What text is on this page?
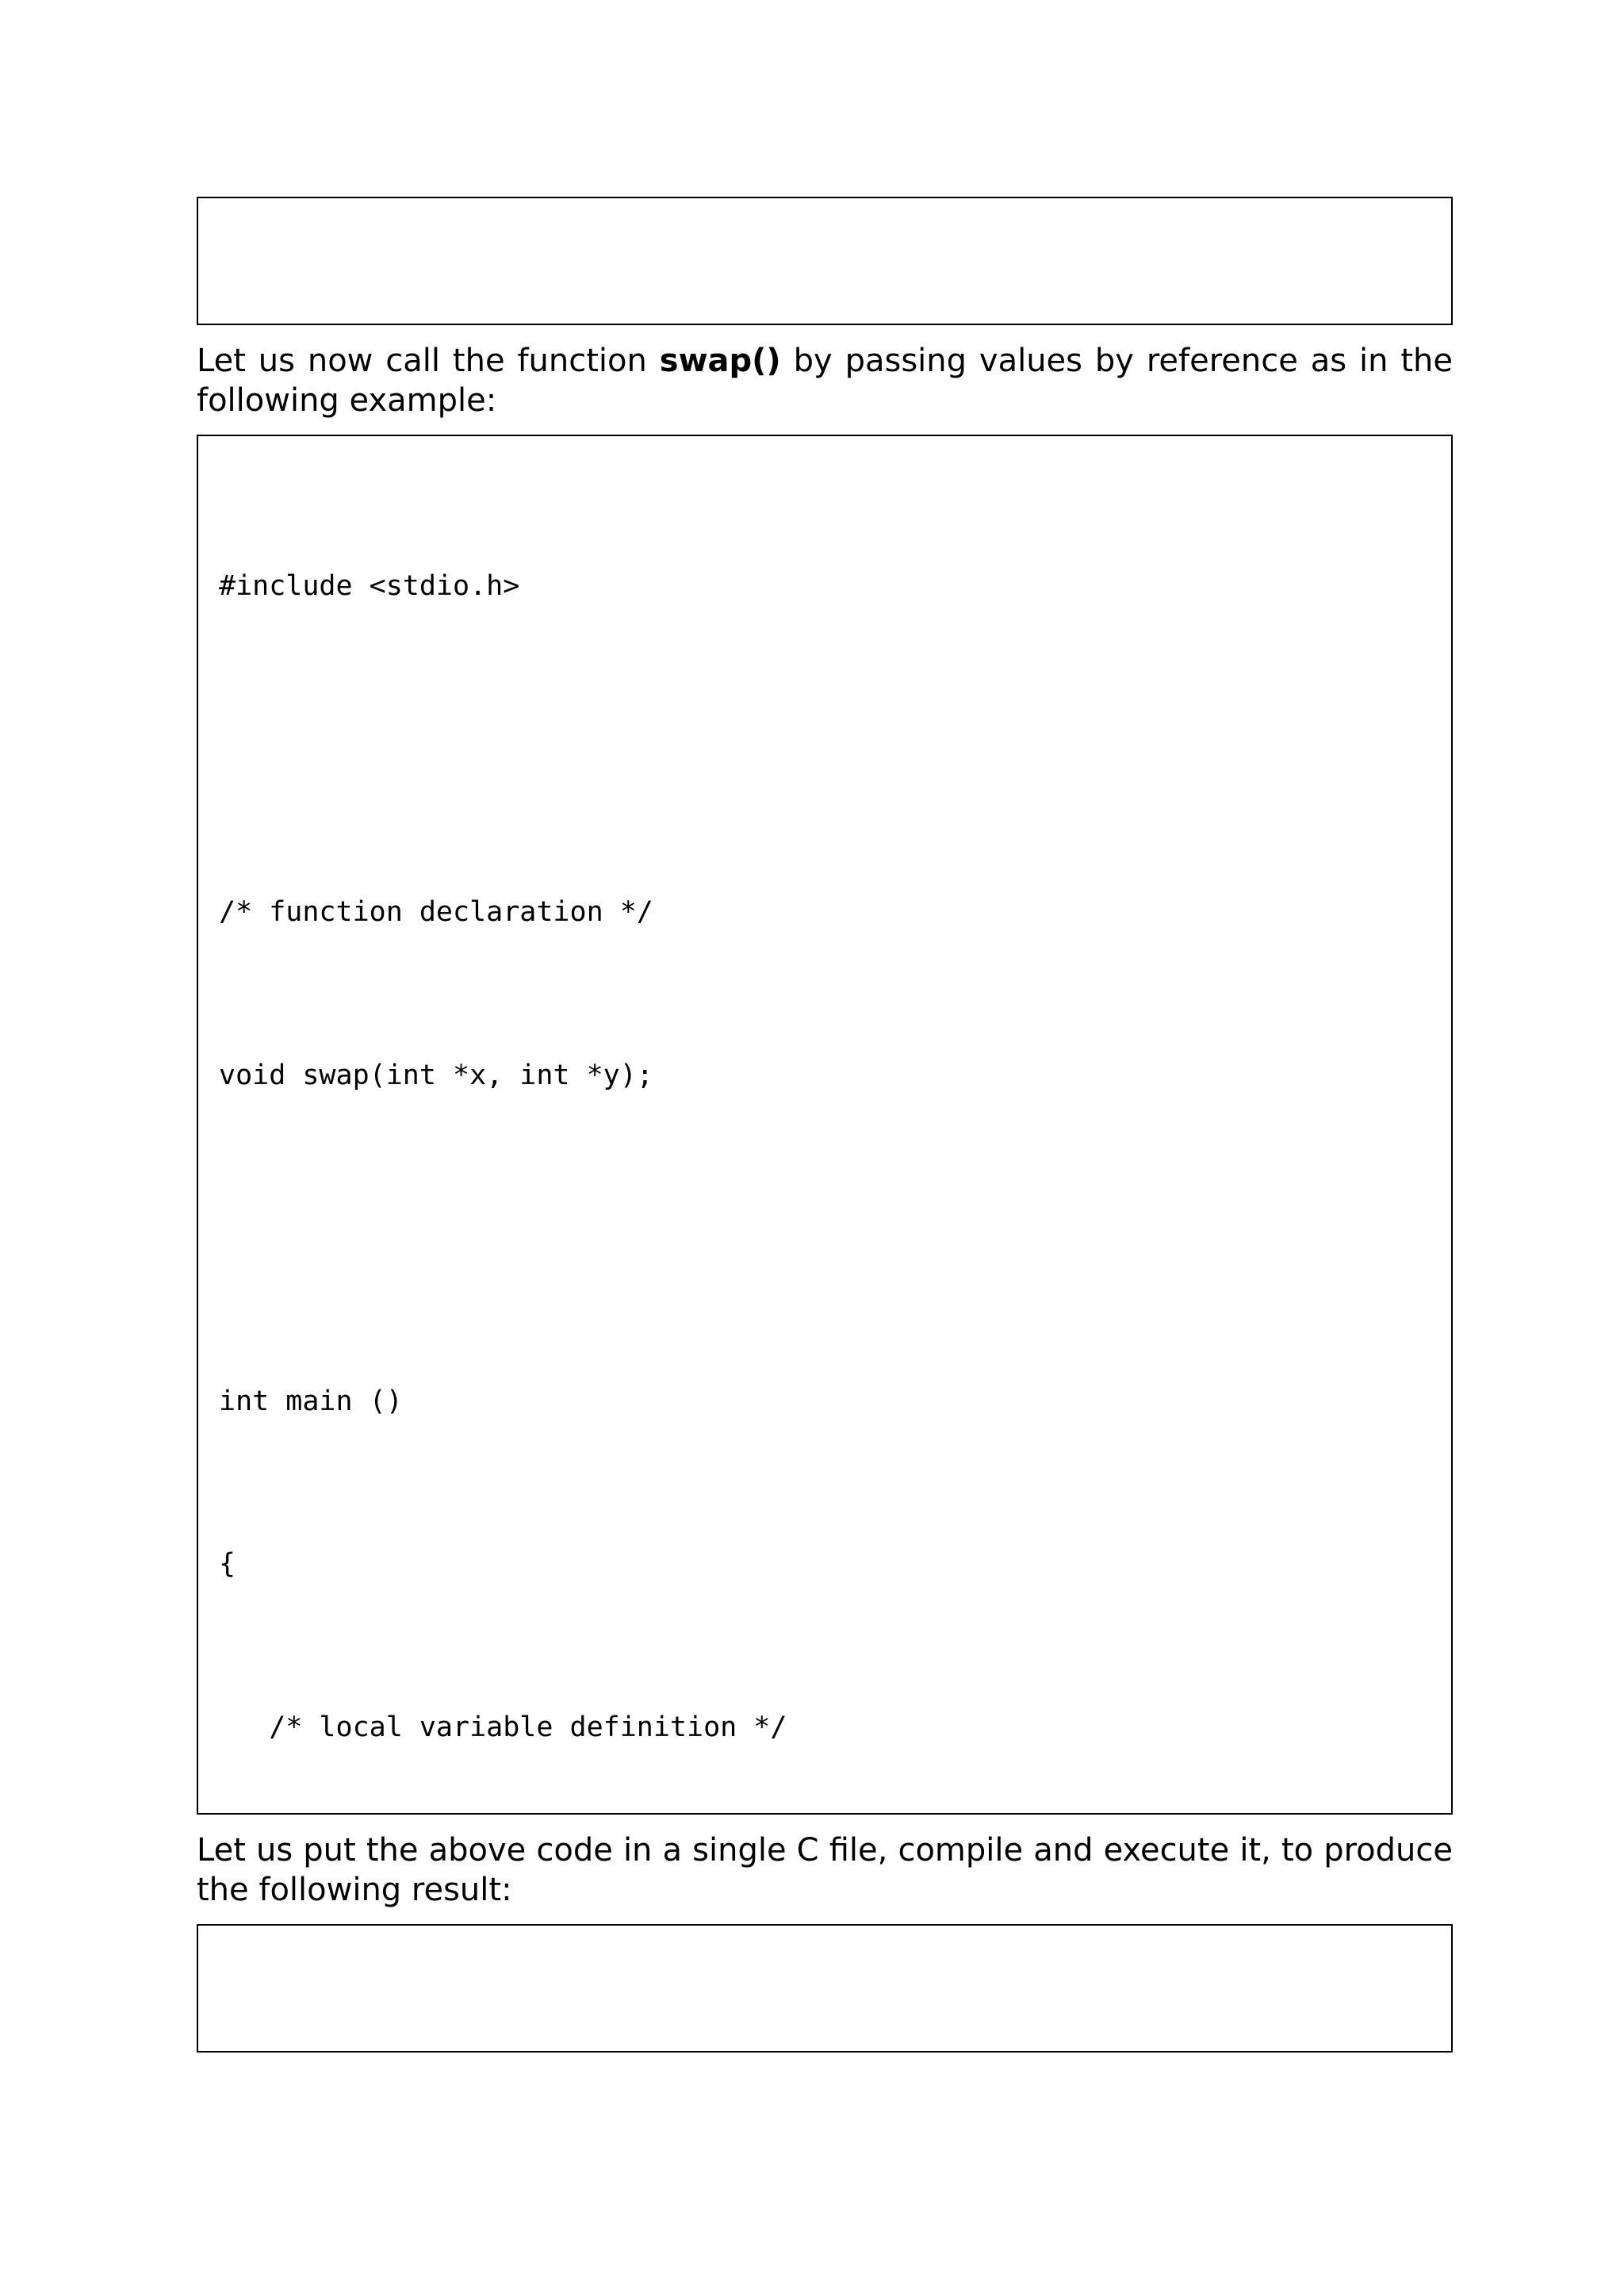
Let us now call the function swap() by passing values by reference as in the following example:

#include <stdio.h>

/* function declaration */

void swap(int *x, int *y);

int main ()

{

/* local variable definition */

Let us put the above code in a single C file, compile and execute it, to produce the following result:
